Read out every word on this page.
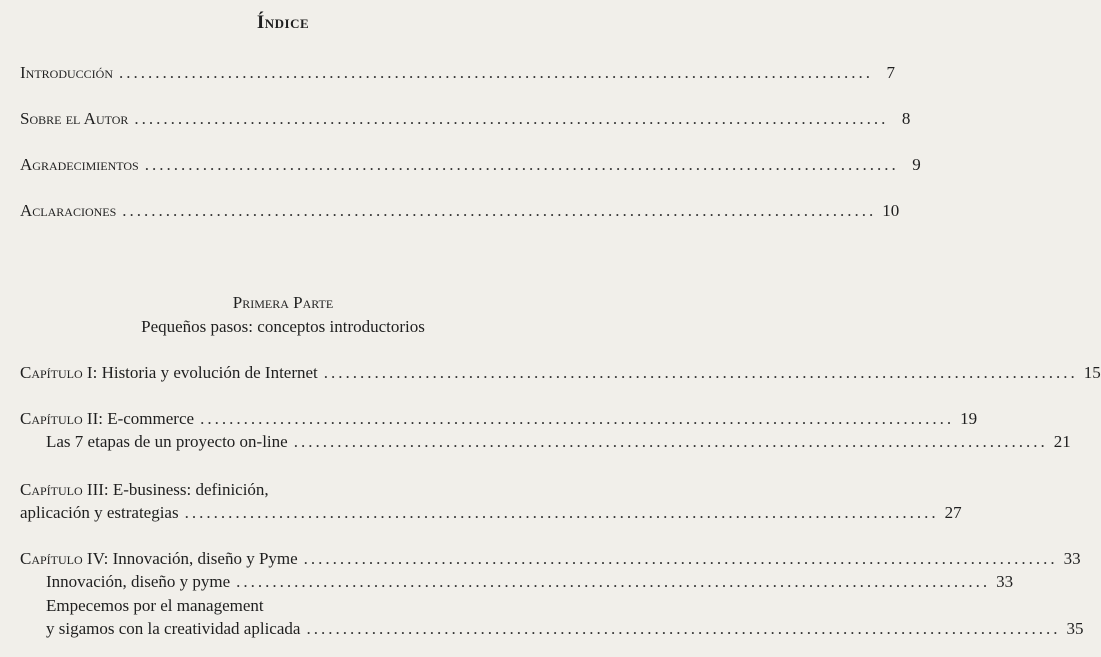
Índice
Introducción ........................................................................................................ 7
Sobre el Autor ........................................................................................................ 8
Agradecimientos ........................................................................................................ 9
Aclaraciones ........................................................................................................ 10
Primera Parte
Pequeños pasos: conceptos introductorios
Capítulo I: Historia y evolución de Internet ........................................................................................................ 15
Capítulo II: E-commerce ........................................................................................................ 19
Las 7 etapas de un proyecto on-line ........................................................................................................ 21
Capítulo III: E-business: definición,
aplicación y estrategias ........................................................................................................ 27
Capítulo IV: Innovación, diseño y Pyme ........................................................................................................ 33
Innovación, diseño y pyme ........................................................................................................ 33
Empecemos por el management
y sigamos con la creatividad aplicada ........................................................................................................ 35
